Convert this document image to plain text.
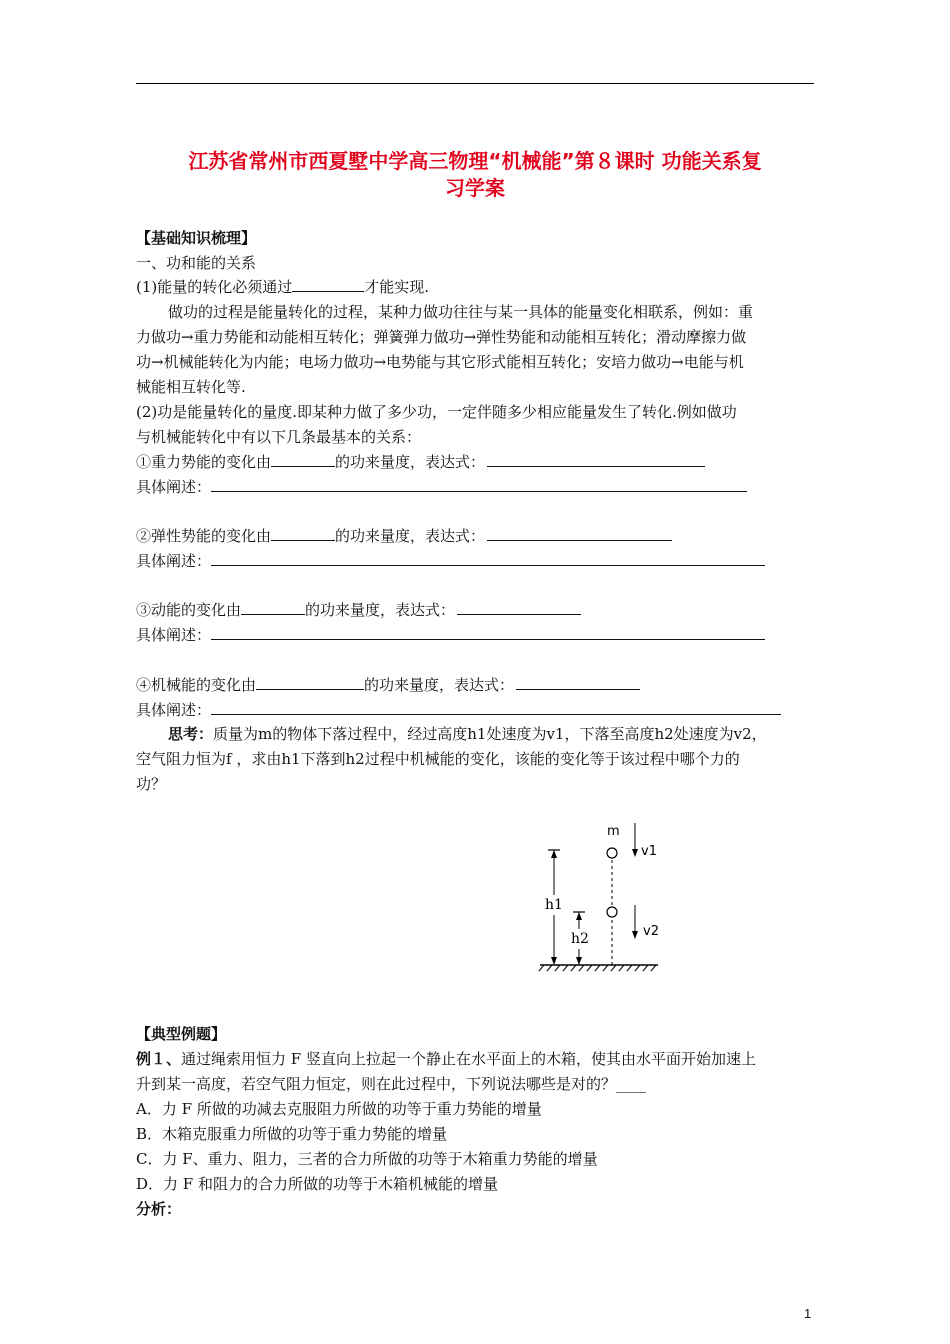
江苏省常州市西夏墅中学高三物理“机械能”第８课时 功能关系复
习学案
【基础知识梳理】
一、功和能的关系
(1)能量的转化必须通过	才能实现.
做功的过程是能量转化的过程，某种力做功往往与某一具体的能量变化相联系，例如：重
力做功→重力势能和动能相互转化；弹簧弹力做功→弹性势能和动能相互转化；滑动摩擦力做
功→机械能转化为内能；电场力做功→电势能与其它形式能相互转化；安培力做功→电能与机
械能相互转化等.
(2)功是能量转化的量度.即某种力做了多少功，一定伴随多少相应能量发生了转化.例如做功
与机械能转化中有以下几条最基本的关系：
①重力势能的变化由	的功来量度，表达式：
具体阐述：
②弹性势能的变化由	的功来量度，表达式：
具体阐述：
③动能的变化由	的功来量度，表达式：
具体阐述：
④机械能的变化由	的功来量度，表达式：
具体阐述：
思考：质量为m的物体下落过程中，经过高度h1处速度为v1，下落至高度h2处速度为v2，
空气阻力恒为f ，求由h1下落到h2过程中机械能的变化，该能的变化等于该过程中哪个力的
功？
m
h1
h2
v1
v2
【典型例题】
例１、通过绳索用恒力 F 竖直向上拉起一个静止在水平面上的木箱，使其由水平面开始加速上
升到某一高度，若空气阻力恒定，则在此过程中，下列说法哪些是对的？____
A．力 F 所做的功减去克服阻力所做的功等于重力势能的增量
B．木箱克服重力所做的功等于重力势能的增量
C．力 F、重力、阻力，三者的合力所做的功等于木箱重力势能的增量
D．力 F 和阻力的合力所做的功等于木箱机械能的增量
分析：
1
